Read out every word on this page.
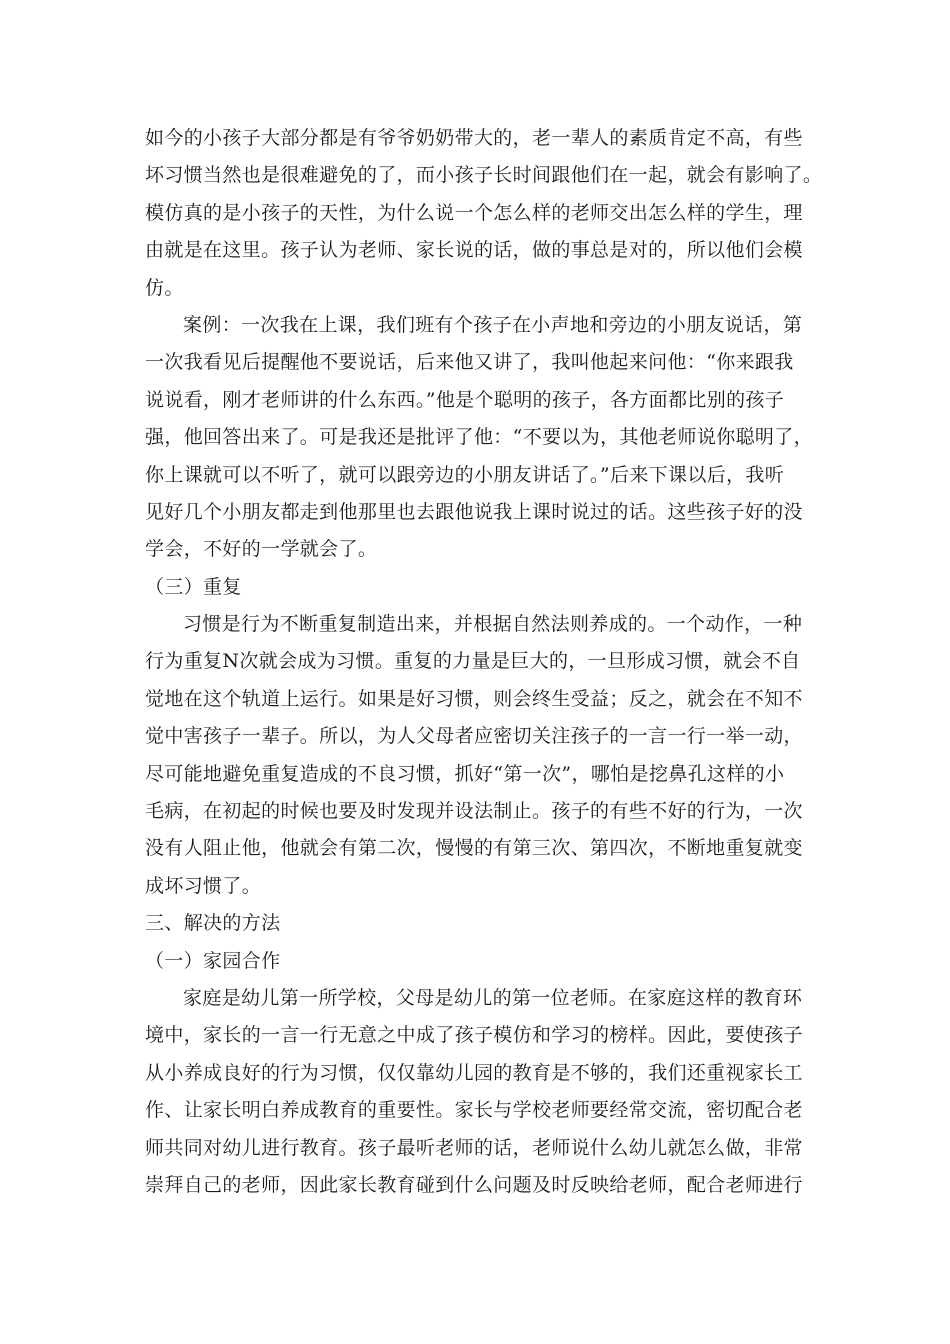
如今的小孩子大部分都是有爷爷奶奶带大的，老一辈人的素质肯定不高，有些
坏习惯当然也是很难避免的了，而小孩子长时间跟他们在一起，就会有影响了。
模仿真的是小孩子的天性，为什么说一个怎么样的老师交出怎么样的学生，理
由就是在这里。孩子认为老师、家长说的话，做的事总是对的，所以他们会模
仿。
案例：一次我在上课，我们班有个孩子在小声地和旁边的小朋友说话，第
一次我看见后提醒他不要说话，后来他又讲了，我叫他起来问他：“你来跟我
说说看，刚才老师讲的什么东西。”他是个聪明的孩子，各方面都比别的孩子
强，他回答出来了。可是我还是批评了他：“不要以为，其他老师说你聪明了，
你上课就可以不听了，就可以跟旁边的小朋友讲话了。”后来下课以后，我听
见好几个小朋友都走到他那里也去跟他说我上课时说过的话。这些孩子好的没
学会，不好的一学就会了。
（三）重复
习惯是行为不断重复制造出来，并根据自然法则养成的。一个动作，一种
行为重复N次就会成为习惯。重复的力量是巨大的，一旦形成习惯，就会不自
觉地在这个轨道上运行。如果是好习惯，则会终生受益；反之，就会在不知不
觉中害孩子一辈子。所以，为人父母者应密切关注孩子的一言一行一举一动，
尽可能地避免重复造成的不良习惯，抓好“第一次”，哪怕是挖鼻孔这样的小
毛病，在初起的时候也要及时发现并设法制止。孩子的有些不好的行为，一次
没有人阻止他，他就会有第二次，慢慢的有第三次、第四次，不断地重复就变
成坏习惯了。
三、解决的方法
（一）家园合作
家庭是幼儿第一所学校，父母是幼儿的第一位老师。在家庭这样的教育环
境中，家长的一言一行无意之中成了孩子模仿和学习的榜样。因此，要使孩子
从小养成良好的行为习惯，仅仅靠幼儿园的教育是不够的，我们还重视家长工
作、让家长明白养成教育的重要性。家长与学校老师要经常交流，密切配合老
师共同对幼儿进行教育。孩子最听老师的话，老师说什么幼儿就怎么做，非常
崇拜自己的老师，因此家长教育碰到什么问题及时反映给老师，配合老师进行
